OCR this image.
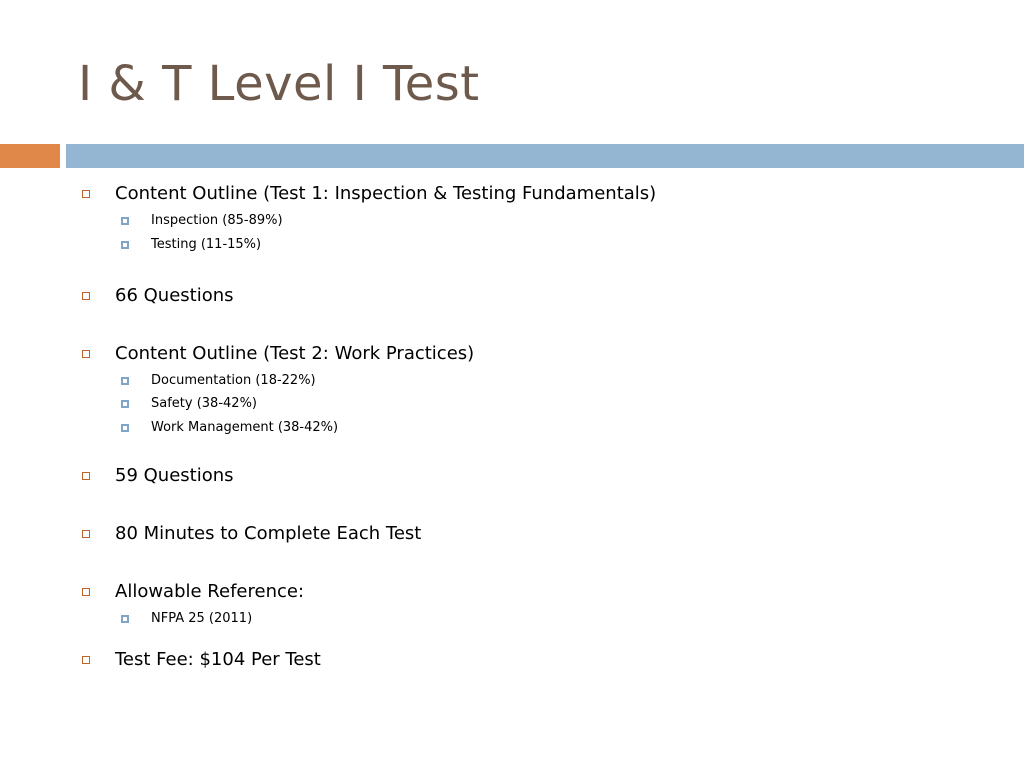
I & T Level I Test
Content Outline (Test 1: Inspection & Testing Fundamentals)
Inspection (85-89%)
Testing (11-15%)
66 Questions
Content Outline (Test 2: Work Practices)
Documentation (18-22%)
Safety (38-42%)
Work Management (38-42%)
59 Questions
80 Minutes to Complete Each Test
Allowable Reference:
NFPA 25 (2011)
Test Fee: $104 Per Test
